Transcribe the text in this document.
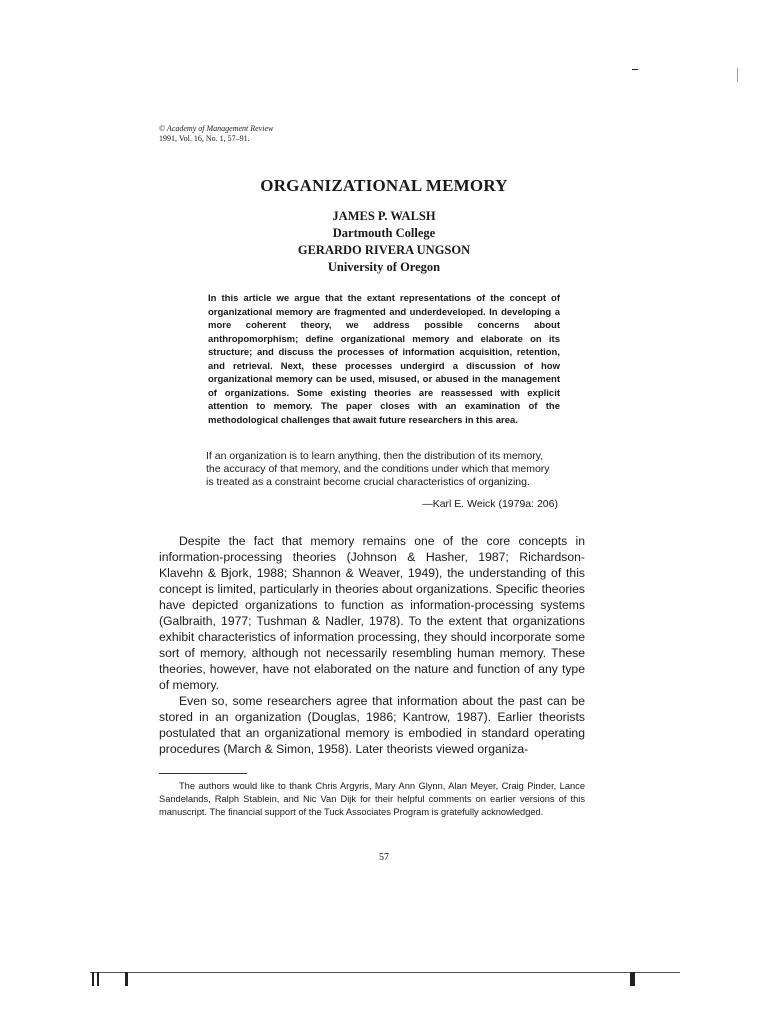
© Academy of Management Review
1991, Vol. 16, No. 1, 57–91.
ORGANIZATIONAL MEMORY
JAMES P. WALSH
Dartmouth College
GERARDO RIVERA UNGSON
University of Oregon
In this article we argue that the extant representations of the concept of organizational memory are fragmented and underdeveloped. In developing a more coherent theory, we address possible concerns about anthropomorphism; define organizational memory and elaborate on its structure; and discuss the processes of information acquisition, retention, and retrieval. Next, these processes undergird a discussion of how organizational memory can be used, misused, or abused in the management of organizations. Some existing theories are reassessed with explicit attention to memory. The paper closes with an examination of the methodological challenges that await future researchers in this area.
If an organization is to learn anything, then the distribution of its memory, the accuracy of that memory, and the conditions under which that memory is treated as a constraint become crucial characteristics of organizing.
—Karl E. Weick (1979a: 206)

Despite the fact that memory remains one of the core concepts in information-processing theories (Johnson & Hasher, 1987; Richardson-Klavehn & Bjork, 1988; Shannon & Weaver, 1949), the understanding of this concept is limited, particularly in theories about organizations. Specific theories have depicted organizations to function as information-processing systems (Galbraith, 1977; Tushman & Nadler, 1978). To the extent that organizations exhibit characteristics of information processing, they should incorporate some sort of memory, although not necessarily resembling human memory. These theories, however, have not elaborated on the nature and function of any type of memory.

Even so, some researchers agree that information about the past can be stored in an organization (Douglas, 1986; Kantrow, 1987). Earlier theorists postulated that an organizational memory is embodied in standard operating procedures (March & Simon, 1958). Later theorists viewed organiza-

The authors would like to thank Chris Argyris, Mary Ann Glynn, Alan Meyer, Craig Pinder, Lance Sandelands, Ralph Stablein, and Nic Van Dijk for their helpful comments on earlier versions of this manuscript. The financial support of the Tuck Associates Program is gratefully acknowledged.
57
